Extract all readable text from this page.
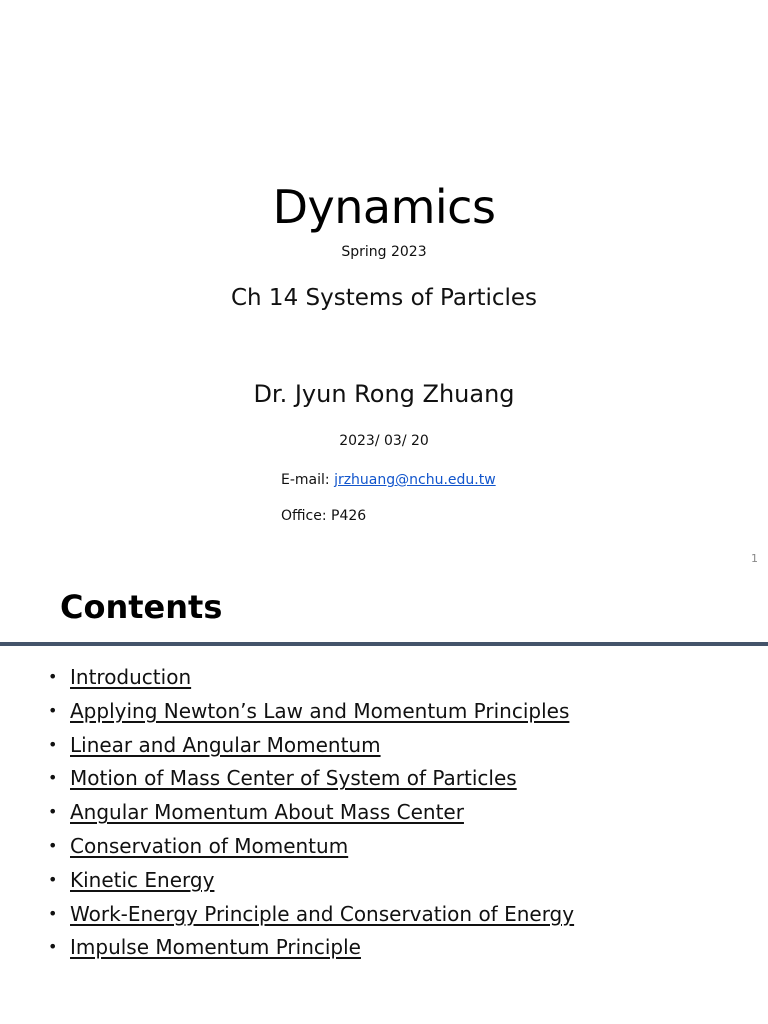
Dynamics
Spring 2023
Ch 14 Systems of Particles
Dr. Jyun Rong Zhuang
2023/ 03/ 20
E-mail: jrzhuang@nchu.edu.tw
Office: P426
1
Contents
• Introduction
• Applying Newton’s Law and Momentum Principles
• Linear and Angular Momentum
• Motion of Mass Center of System of Particles
• Angular Momentum About Mass Center
• Conservation of Momentum
• Kinetic Energy
• Work-Energy Principle and Conservation of Energy
• Impulse Momentum Principle
